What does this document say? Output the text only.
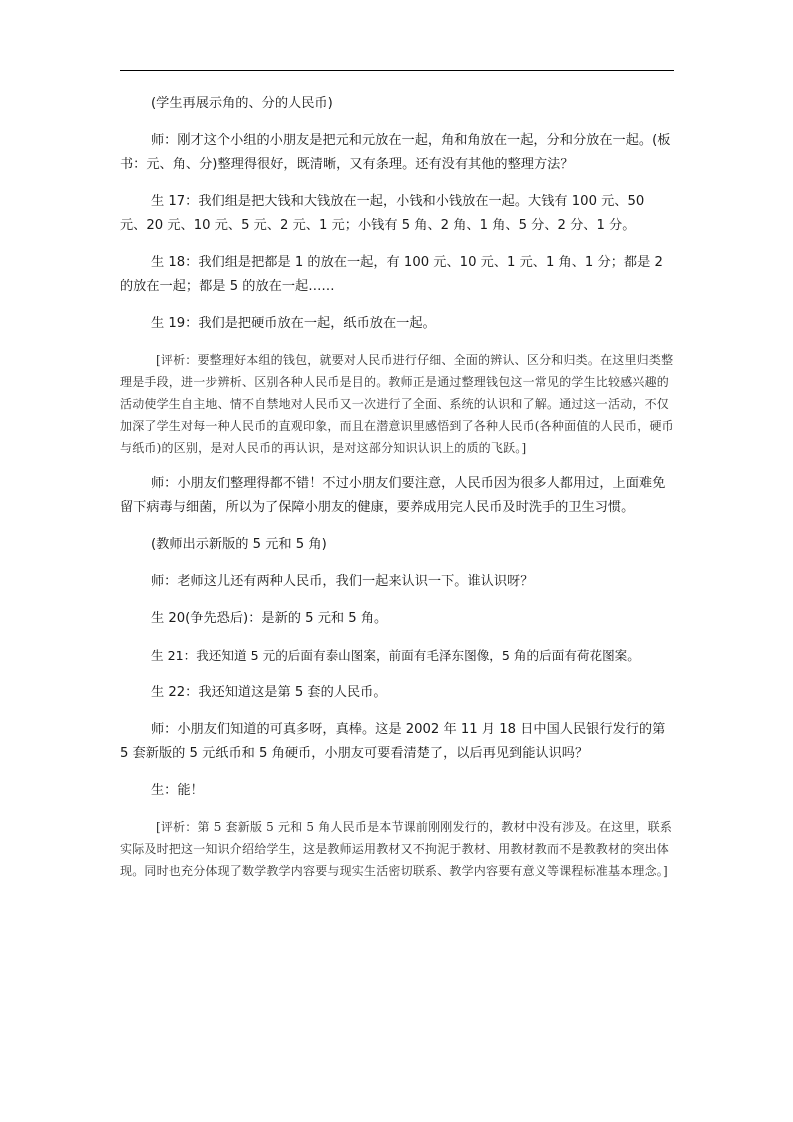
(学生再展示角的、分的人民币)

师：刚才这个小组的小朋友是把元和元放在一起，角和角放在一起，分和分放在一起。(板书：元、角、分)整理得很好，既清晰，又有条理。还有没有其他的整理方法？

生 17：我们组是把大钱和大钱放在一起，小钱和小钱放在一起。大钱有 100 元、50 元、20 元、10 元、5 元、2 元、1 元；小钱有 5 角、2 角、1 角、5 分、2 分、1 分。

生 18：我们组是把都是 1 的放在一起，有 100 元、10 元、1 元、1 角、1 分；都是 2 的放在一起；都是 5 的放在一起……

生 19：我们是把硬币放在一起，纸币放在一起。

[评析：要整理好本组的钱包，就要对人民币进行仔细、全面的辨认、区分和归类。在这里归类整理是手段，进一步辨析、区别各种人民币是目的。教师正是通过整理钱包这一常见的学生比较感兴趣的活动使学生自主地、情不自禁地对人民币又一次进行了全面、系统的认识和了解。通过这一活动，不仅加深了学生对每一种人民币的直观印象，而且在潜意识里感悟到了各种人民币(各种面值的人民币，硬币与纸币)的区别，是对人民币的再认识，是对这部分知识认识上的质的飞跃。]

师：小朋友们整理得都不错！不过小朋友们要注意，人民币因为很多人都用过，上面难免留下病毒与细菌，所以为了保障小朋友的健康，要养成用完人民币及时洗手的卫生习惯。

(教师出示新版的 5 元和 5 角)

师：老师这儿还有两种人民币，我们一起来认识一下。谁认识呀？

生 20(争先恐后)：是新的 5 元和 5 角。

生 21：我还知道 5 元的后面有泰山图案，前面有毛泽东图像，5 角的后面有荷花图案。

生 22：我还知道这是第 5 套的人民币。

师：小朋友们知道的可真多呀，真棒。这是 2002 年 11 月 18 日中国人民银行发行的第 5 套新版的 5 元纸币和 5 角硬币，小朋友可要看清楚了，以后再见到能认识吗？

生：能！

[评析：第 5 套新版 5 元和 5 角人民币是本节课前刚刚发行的，教材中没有涉及。在这里，联系实际及时把这一知识介绍给学生，这是教师运用教材又不拘泥于教材、用教材教而不是教教材的突出体现。同时也充分体现了数学教学内容要与现实生活密切联系、教学内容要有意义等课程标准基本理念。]
